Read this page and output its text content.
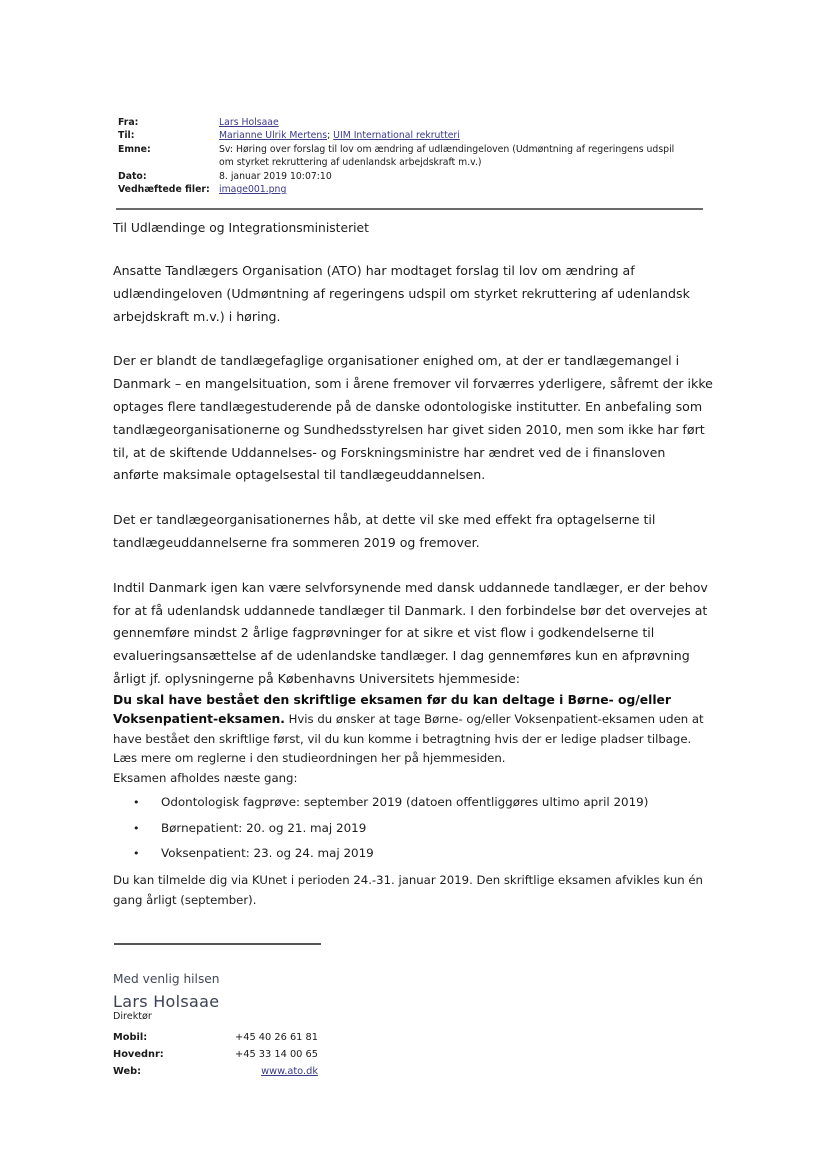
Fra:	Lars Holsaae
Til:	Marianne Ulrik Mertens; UIM International rekrutteri
Emne:	Sv: Høring over forslag til lov om ændring af udlændingeloven (Udmøntning af regeringens udspil om styrket rekruttering af udenlandsk arbejdskraft m.v.)
Dato:	8. januar 2019 10:07:10
Vedhæftede filer:	image001.png

Til Udlændinge og Integrationsministeriet

Ansatte Tandlægers Organisation (ATO) har modtaget forslag til lov om ændring af udlændingeloven (Udmøntning af regeringens udspil om styrket rekruttering af udenlandsk arbejdskraft m.v.) i høring.

Der er blandt de tandlægefaglige organisationer enighed om, at der er tandlægemangel i Danmark – en mangelsituation, som i årene fremover vil forværres yderligere, såfremt der ikke optages flere tandlægestuderende på de danske odontologiske institutter. En anbefaling som tandlægeorganisationerne og Sundhedsstyrelsen har givet siden 2010, men som ikke har ført til, at de skiftende Uddannelses- og Forskningsministre har ændret ved de i finansloven anførte maksimale optagelsestal til tandlægeuddannelsen.

Det er tandlægeorganisationernes håb, at dette vil ske med effekt fra optagelserne til tandlægeuddannelserne fra sommeren 2019 og fremover.

Indtil Danmark igen kan være selvforsynende med dansk uddannede tandlæger, er der behov for at få udenlandsk uddannede tandlæger til Danmark. I den forbindelse bør det overvejes at gennemføre mindst 2 årlige fagprøvninger for at sikre et vist flow i godkendelserne til evalueringsansættelse af de udenlandske tandlæger. I dag gennemføres kun en afprøvning årligt jf. oplysningerne på Københavns Universitets hjemmeside:

Du skal have bestået den skriftlige eksamen før du kan deltage i Børne- og/eller Voksenpatient-eksamen. Hvis du ønsker at tage Børne- og/eller Voksenpatient-eksamen uden at have bestået den skriftlige først, vil du kun komme i betragtning hvis der er ledige pladser tilbage. Læs mere om reglerne i den studieordningen her på hjemmesiden.

Eksamen afholdes næste gang:

• Odontologisk fagprøve: september 2019 (datoen offentliggøres ultimo april 2019)
• Børnepatient: 20. og 21. maj 2019
• Voksenpatient: 23. og 24. maj 2019

Du kan tilmelde dig via KUnet i perioden 24.-31. januar 2019. Den skriftlige eksamen afvikles kun én gang årligt (september).

Med venlig hilsen

Lars Holsaae

Direktør

Mobil:	+45 40 26 61 81
Hovednr:	+45 33 14 00 65
Web:	www.ato.dk
